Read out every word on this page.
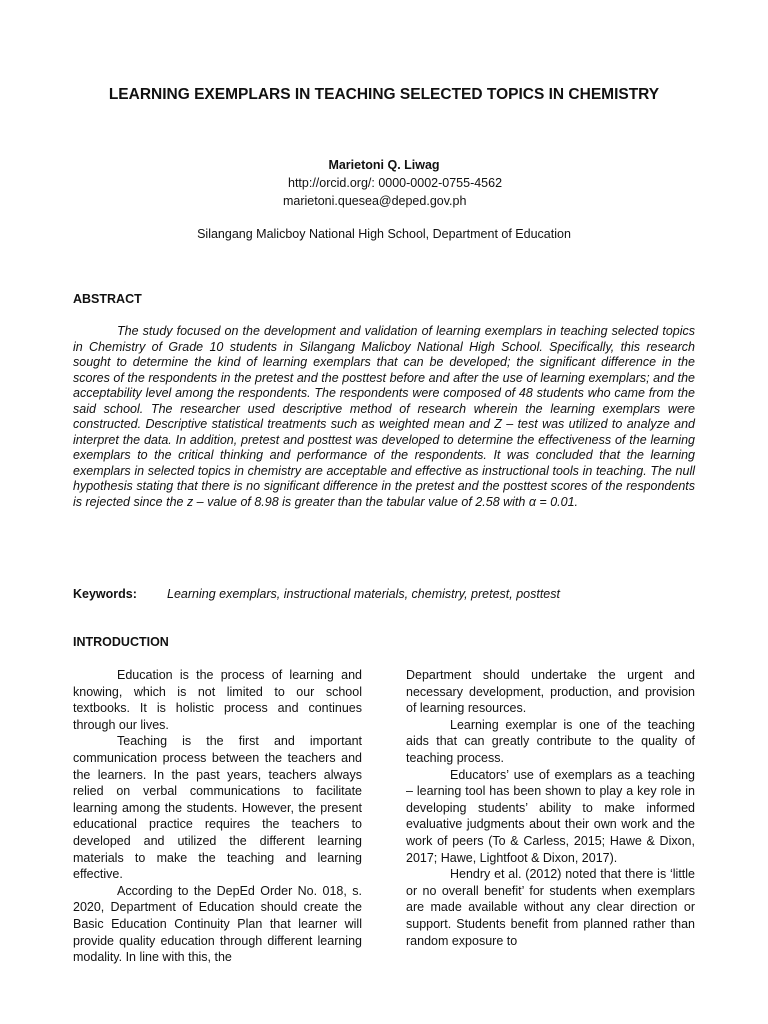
LEARNING EXEMPLARS IN TEACHING SELECTED TOPICS IN CHEMISTRY
Marietoni Q. Liwag
http://orcid.org/: 0000-0002-0755-4562
marietoni.quesea@deped.gov.ph
Silangang Malicboy National High School, Department of Education
ABSTRACT
The study focused on the development and validation of learning exemplars in teaching selected topics in Chemistry of Grade 10 students in Silangang Malicboy National High School. Specifically, this research sought to determine the kind of learning exemplars that can be developed; the significant difference in the scores of the respondents in the pretest and the posttest before and after the use of learning exemplars; and the acceptability level among the respondents. The respondents were composed of 48 students who came from the said school. The researcher used descriptive method of research wherein the learning exemplars were constructed. Descriptive statistical treatments such as weighted mean and Z – test was utilized to analyze and interpret the data. In addition, pretest and posttest was developed to determine the effectiveness of the learning exemplars to the critical thinking and performance of the respondents. It was concluded that the learning exemplars in selected topics in chemistry are acceptable and effective as instructional tools in teaching. The null hypothesis stating that there is no significant difference in the pretest and the posttest scores of the respondents is rejected since the z – value of 8.98 is greater than the tabular value of 2.58 with α = 0.01.
Keywords: Learning exemplars, instructional materials, chemistry, pretest, posttest
INTRODUCTION

Education is the process of learning and knowing, which is not limited to our school textbooks. It is holistic process and continues through our lives.

Teaching is the first and important communication process between the teachers and the learners. In the past years, teachers always relied on verbal communications to facilitate learning among the students. However, the present educational practice requires the teachers to developed and utilized the different learning materials to make the teaching and learning effective.

According to the DepEd Order No. 018, s. 2020, Department of Education should create the Basic Education Continuity Plan that learner will provide quality education through different learning modality. In line with this, the

Department should undertake the urgent and necessary development, production, and provision of learning resources.

Learning exemplar is one of the teaching aids that can greatly contribute to the quality of teaching process.

Educators’ use of exemplars as a teaching – learning tool has been shown to play a key role in developing students’ ability to make informed evaluative judgments about their own work and the work of peers (To & Carless, 2015; Hawe & Dixon, 2017; Hawe, Lightfoot & Dixon, 2017).

Hendry et al. (2012) noted that there is ‘little or no overall benefit’ for students when exemplars are made available without any clear direction or support. Students benefit from planned rather than random exposure to
